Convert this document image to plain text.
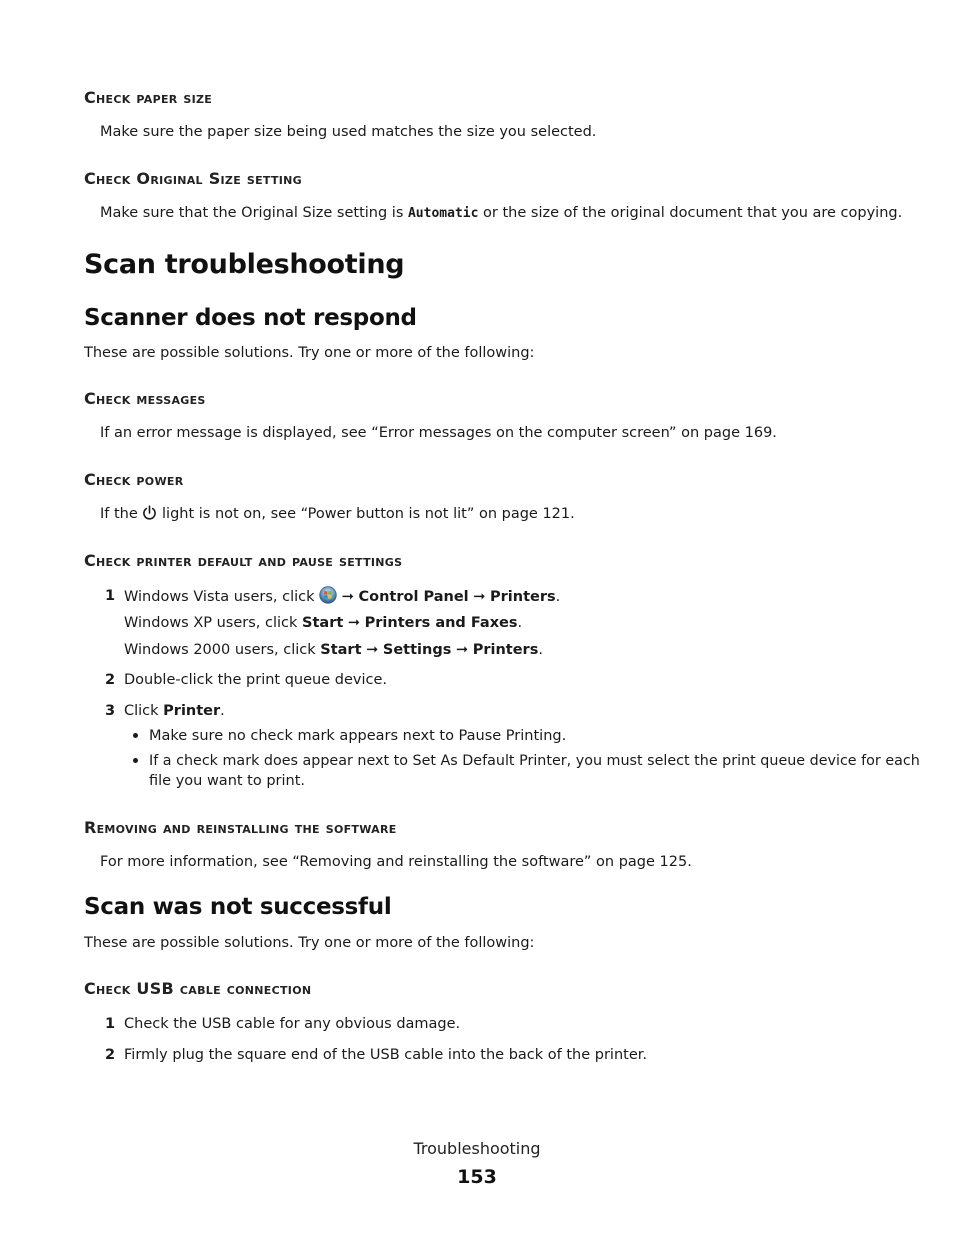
Check paper size
Make sure the paper size being used matches the size you selected.
Check Original Size setting
Make sure that the Original Size setting is Automatic or the size of the original document that you are copying.
Scan troubleshooting
Scanner does not respond
These are possible solutions. Try one or more of the following:
Check messages
If an error message is displayed, see “Error messages on the computer screen” on page 169.
Check power
If the  light is not on, see “Power button is not lit” on page 121.
Check printer default and pause settings
1 Windows Vista users, click  ➞ Control Panel ➞ Printers.
Windows XP users, click Start ➞ Printers and Faxes.
Windows 2000 users, click Start ➞ Settings ➞ Printers.
2 Double-click the print queue device.
3 Click Printer.
Make sure no check mark appears next to Pause Printing.
If a check mark does appear next to Set As Default Printer, you must select the print queue device for each
file you want to print.
Removing and reinstalling the software
For more information, see “Removing and reinstalling the software” on page 125.
Scan was not successful
These are possible solutions. Try one or more of the following:
Check USB cable connection
1 Check the USB cable for any obvious damage.
2 Firmly plug the square end of the USB cable into the back of the printer.
Troubleshooting
153
